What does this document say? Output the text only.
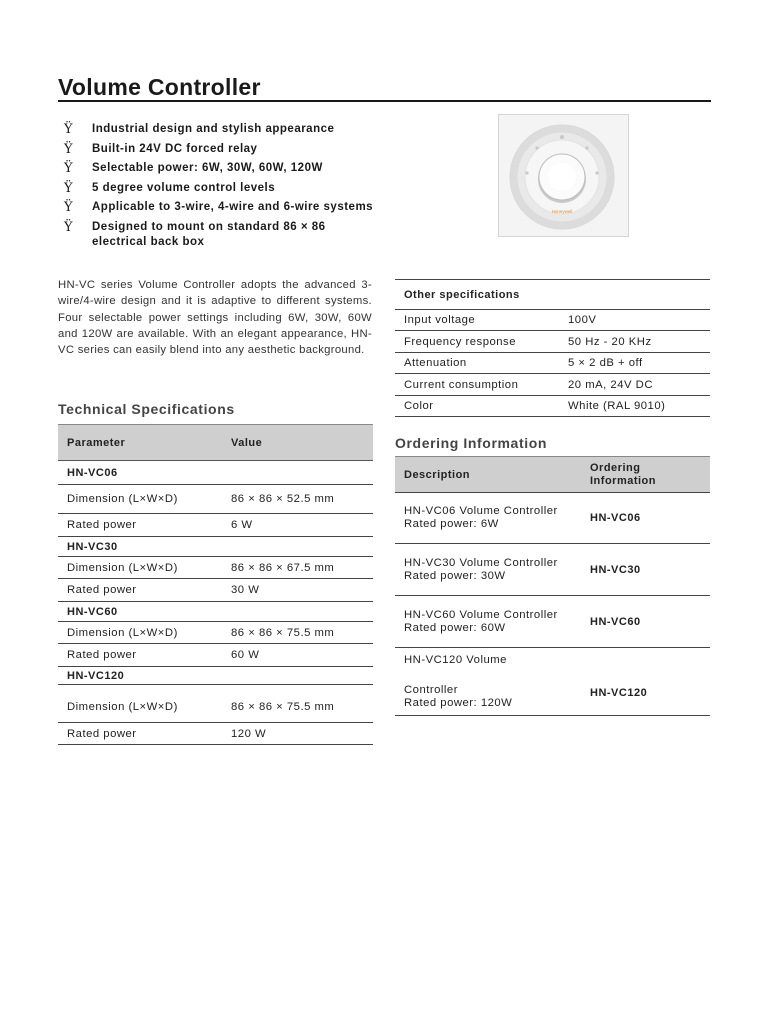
Volume Controller
Ÿ	Industrial design and stylish appearance
Ÿ	Built-in 24V DC forced relay
Ÿ	Selectable power: 6W, 30W, 60W, 120W
Ÿ	5 degree volume control levels
Ÿ	Applicable to 3-wire, 4-wire and 6-wire systems
Ÿ	Designed to mount on standard 86 × 86 electrical back box
Honeywell
HN-VC series Volume Controller adopts the advanced 3-wire/4-wire design and it is adaptive to different systems. Four selectable power settings including 6W, 30W, 60W and 120W are available. With an elegant appearance, HN-VC series can easily blend into any aesthetic background.
Technical Specifications
Parameter	Value
HN-VC06	
Dimension (L×W×D)	86 × 86 × 52.5 mm
Rated power	6 W
HN-VC30	
Dimension (L×W×D)	86 × 86 × 67.5 mm
Rated power	30 W
HN-VC60	
Dimension (L×W×D)	86 × 86 × 75.5 mm
Rated power	60 W
HN-VC120	
Dimension (L×W×D)	86 × 86 × 75.5 mm
Rated power	120 W
Other specifications	
Input voltage	100V
Frequency response	50 Hz - 20 KHz
Attenuation	5 × 2 dB + off
Current consumption	20 mA, 24V DC
Color	White (RAL 9010)
Ordering Information
Description	Ordering
Information

HN-VC06 Volume Controller
Rated power: 6W	HN-VC06

HN-VC30 Volume Controller
Rated power: 30W	HN-VC30

HN-VC60 Volume Controller
Rated power: 60W	HN-VC60

HN-VC120 Volume
Controller
Rated power: 120W	HN-VC120
